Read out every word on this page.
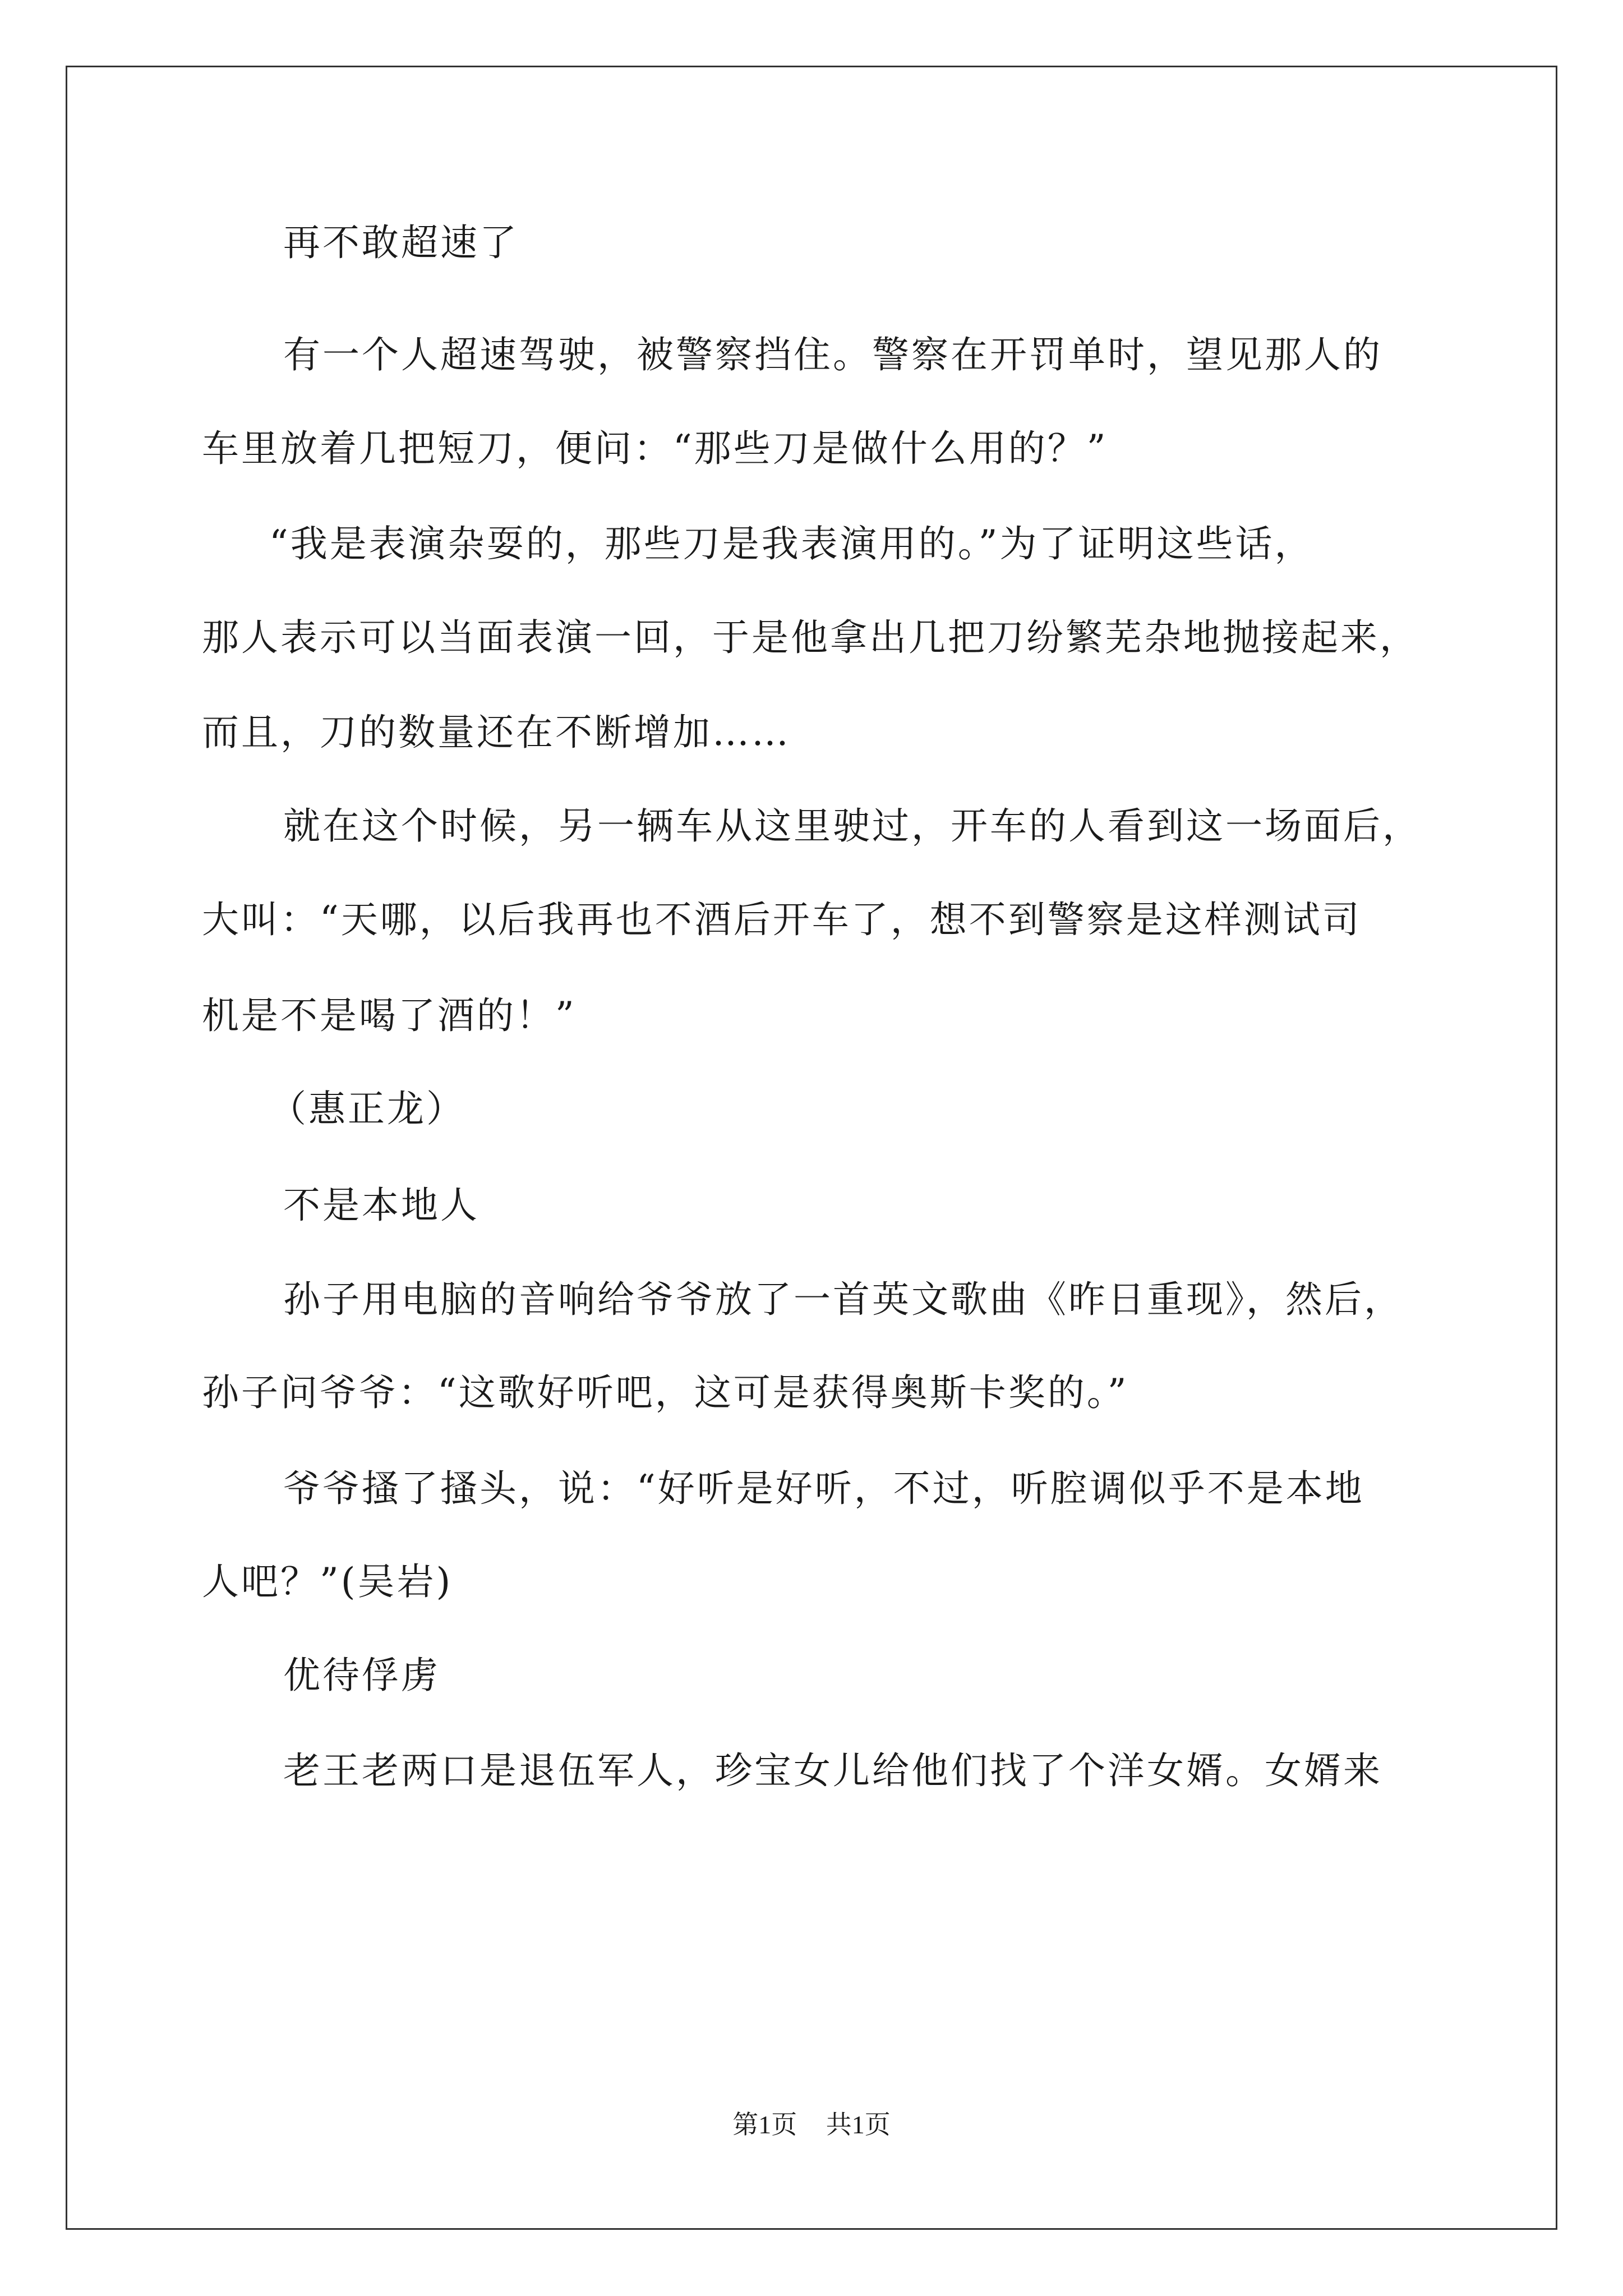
再不敢超速了
有一个人超速驾驶，被警察挡住。警察在开罚单时，望见那人的
车里放着几把短刀，便问：“那些刀是做什么用的？”
“我是表演杂耍的，那些刀是我表演用的。”为了证明这些话，
那人表示可以当面表演一回，于是他拿出几把刀纷繁芜杂地抛接起来，
而且，刀的数量还在不断增加……
就在这个时候，另一辆车从这里驶过，开车的人看到这一场面后，
大叫：“天哪，以后我再也不酒后开车了，想不到警察是这样测试司
机是不是喝了酒的！”
（惠正龙）
不是本地人
孙子用电脑的音响给爷爷放了一首英文歌曲《昨日重现》，然后，
孙子问爷爷：“这歌好听吧，这可是获得奥斯卡奖的。”
爷爷搔了搔头，说：“好听是好听，不过，听腔调似乎不是本地
人吧？”(吴岩)
优待俘虏
老王老两口是退伍军人，珍宝女儿给他们找了个洋女婿。女婿来
第1页 共1页
